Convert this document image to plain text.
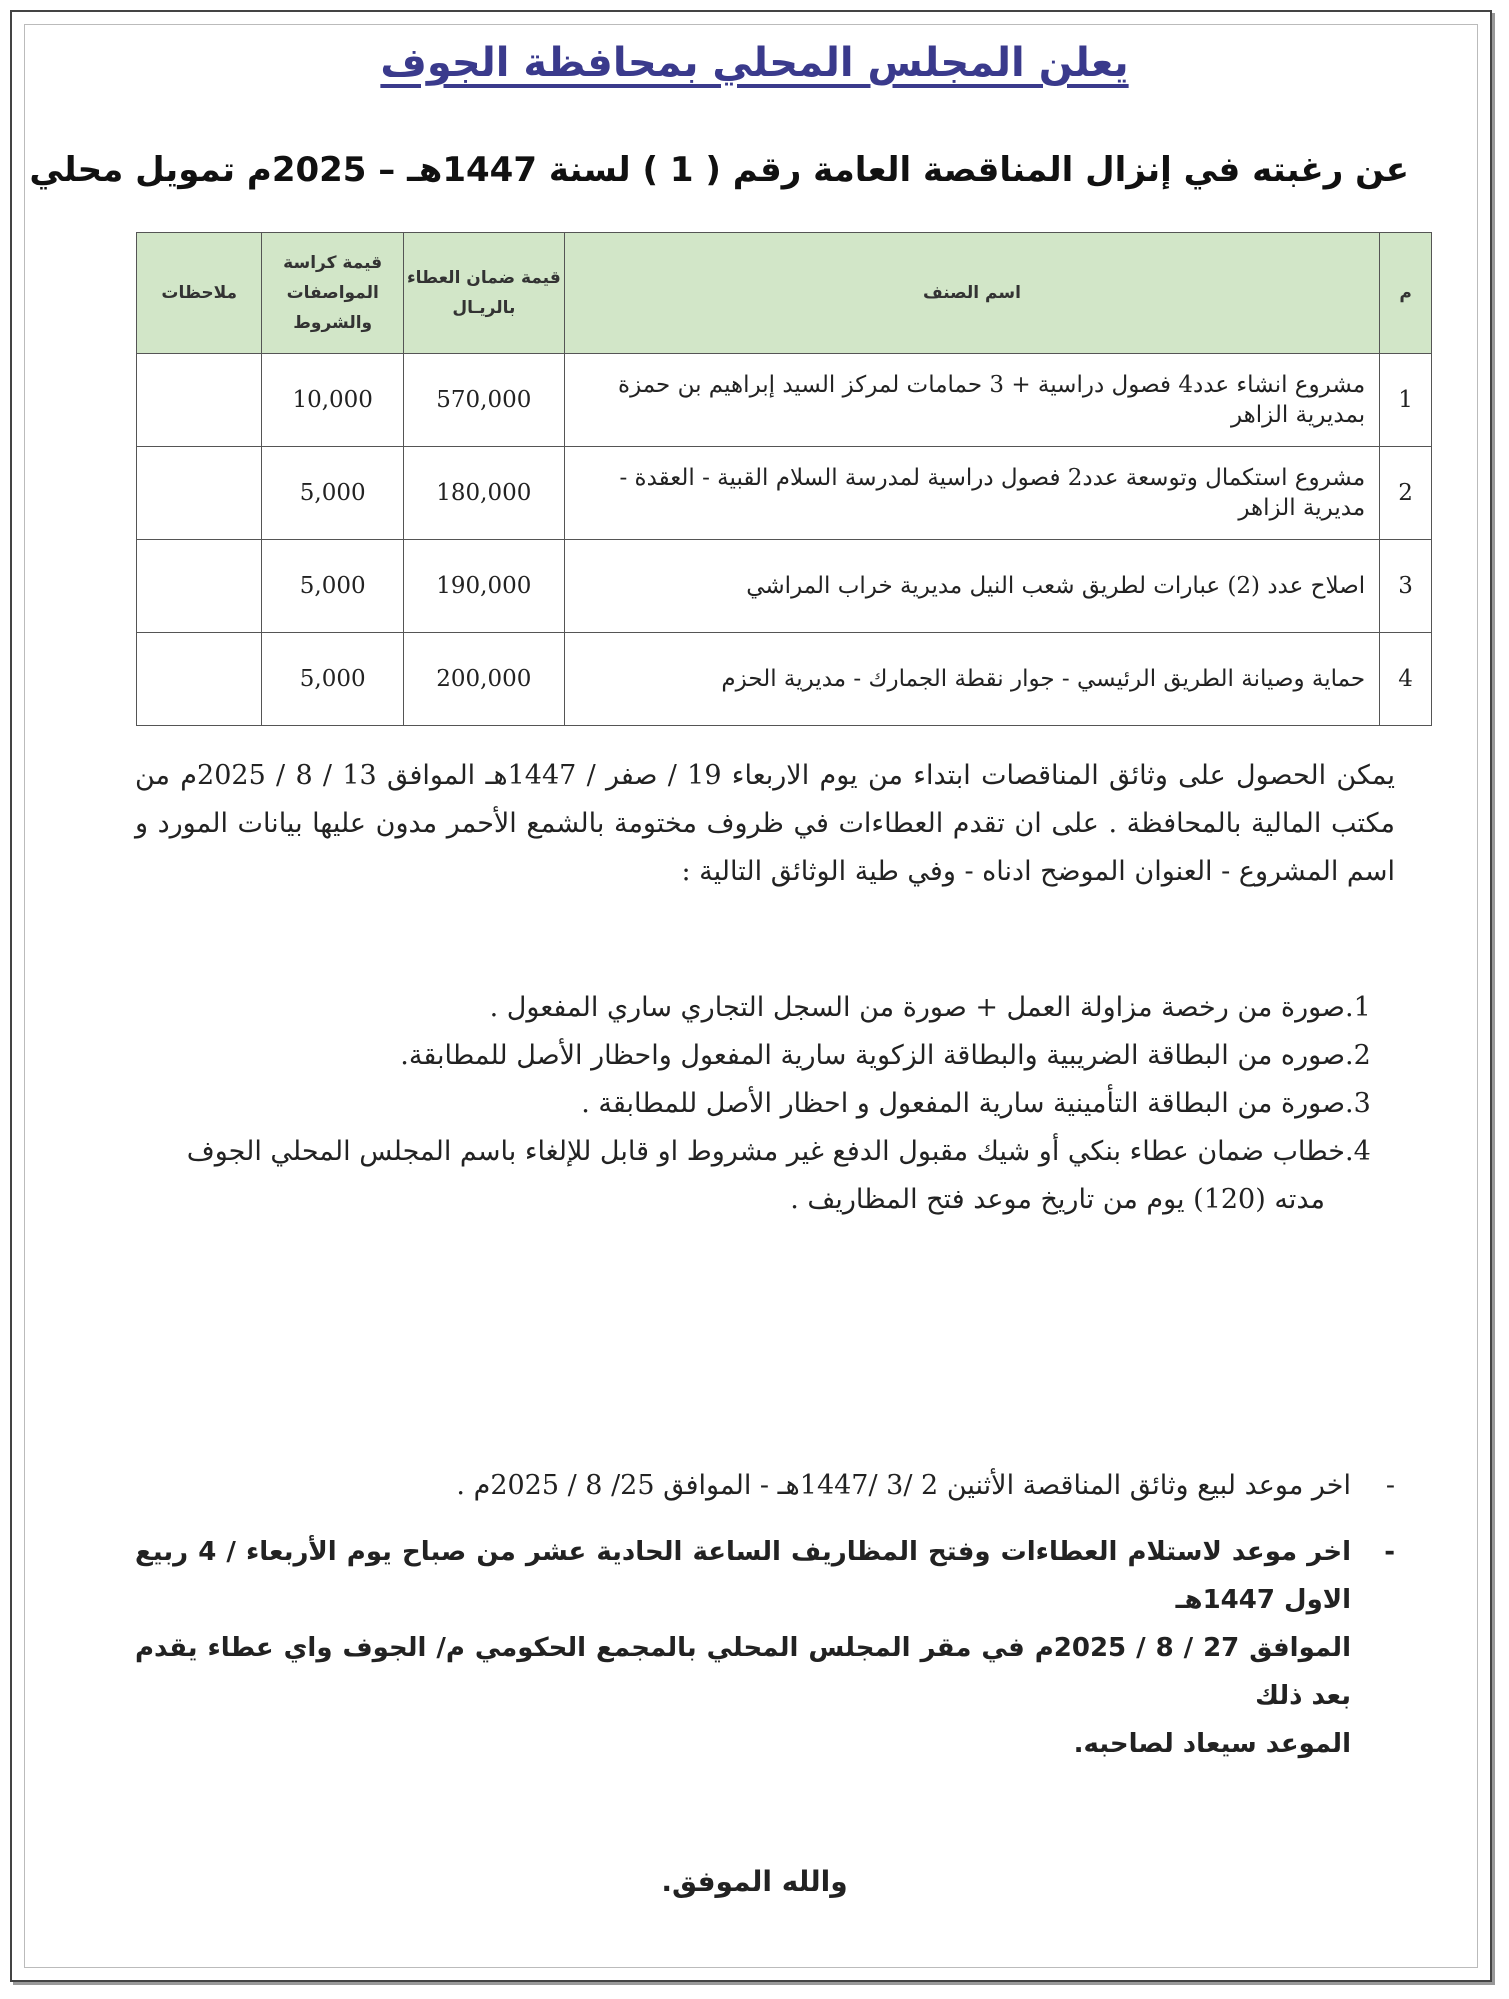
يعلن المجلس المحلي بمحافظة الجوف
عن رغبته في إنزال المناقصة العامة رقم ( 1 ) لسنة 1447هـ – 2025م تمويل محلي
م	اسم الصنف	قيمة ضمان العطاء بالريـال	قيمة كراسة المواصفات والشروط	ملاحظات
1	مشروع انشاء عدد4 فصول دراسية + 3 حمامات لمركز السيد إبراهيم بن حمزة بمديرية الزاهر	570,000	10,000	
2	مشروع استكمال وتوسعة عدد2 فصول دراسية لمدرسة السلام القبية - العقدة - مديرية الزاهر	180,000	5,000	
3	اصلاح عدد (2) عبارات لطريق شعب النيل مديرية خراب المراشي	190,000	5,000	
4	حماية وصيانة الطريق الرئيسي - جوار نقطة الجمارك - مديرية الحزم	200,000	5,000	
يمكن الحصول على وثائق المناقصات ابتداء من يوم الاربعاء 19 / صفر / 1447هـ الموافق 13 / 8 / 2025م من مكتب المالية بالمحافظة . على ان تقدم العطاءات في ظروف مختومة بالشمع الأحمر مدون عليها بيانات المورد و اسم المشروع - العنوان الموضح ادناه - وفي طية الوثائق التالية :
1.
صورة من رخصة مزاولة العمل + صورة من السجل التجاري ساري المفعول .
2.
صوره من البطاقة الضريبية والبطاقة الزكوية سارية المفعول واحظار الأصل للمطابقة.
3.
صورة من البطاقة التأمينية سارية المفعول و احظار الأصل للمطابقة .
4.
خطاب ضمان عطاء بنكي أو شيك مقبول الدفع غير مشروط او قابل للإلغاء باسم المجلس المحلي الجوف
مدته (120) يوم من تاريخ موعد فتح المظاريف .
-
اخر موعد لبيع وثائق المناقصة الأثنين 2 /3 /1447هـ - الموافق 25/ 8 / 2025م .
-
اخر موعد لاستلام العطاءات وفتح المظاريف الساعة الحادية عشر من صباح يوم الأربعاء / 4 ربيع الاول 1447هـ
الموافق 27 / 8 / 2025م في مقر المجلس المحلي بالمجمع الحكومي م/ الجوف واي عطاء يقدم بعد ذلك
الموعد سيعاد لصاحبه.
والله الموفق.
